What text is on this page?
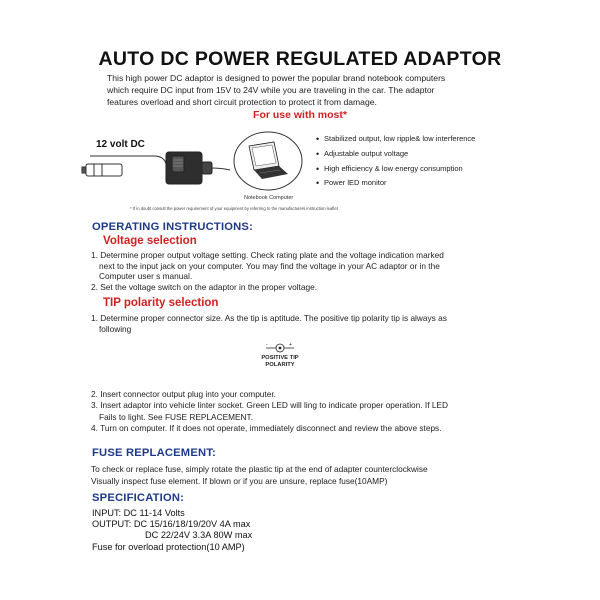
AUTO DC POWER REGULATED ADAPTOR
This high power DC adaptor is designed to power the popular brand notebook computers
which require DC input from 15V to 24V while you are traveling in the car. The adaptor
features overload and short circuit protection to protect it from damage.
For use with most*
12 volt DC
Notebook Computer
• Stabilized output, low ripple& low interference
• Adjustable output voltage
• High efficiency & low energy consumption
• Power lED monitor
* If in doubt consult the power requirement of your equipment by referring to the manufacturers instruction leaflet
OPERATING INSTRUCTIONS:
Voltage selection
1. Determine proper output voltage setting. Check rating plate and the voltage indication marked
next to the input jack on your computer. You may find the voltage in your AC adaptor or in the
Computer user s manual.
2. Set the voltage switch on the adaptor in the proper voltage.
TIP polarity selection
1. Determine proper connector size. As the tip is aptitude. The positive tip polarity tip is always as
following
-	+
POSITIVE TIP
POLARITY
2. Insert connector output plug into your computer.
3. Insert adaptor into vehicle linter socket. Green LED will ling to indicate proper operation. If LED
Fails to light. See FUSE REPLACEMENT.
4. Turn on computer. If it does not operate, immediately disconnect and review the above steps.
FUSE REPLACEMENT:
To check or replace fuse, simply rotate the plastic tip at the end of adapter counterclockwise
Visually inspect fuse element. If blown or if you are unsure, replace fuse(10AMP)
SPECIFICATION:
INPUT: DC 11-14 Volts
OUTPUT: DC 15/16/18/19/20V 4A max
DC 22/24V 3.3A 80W max
Fuse for overload protection(10 AMP)
